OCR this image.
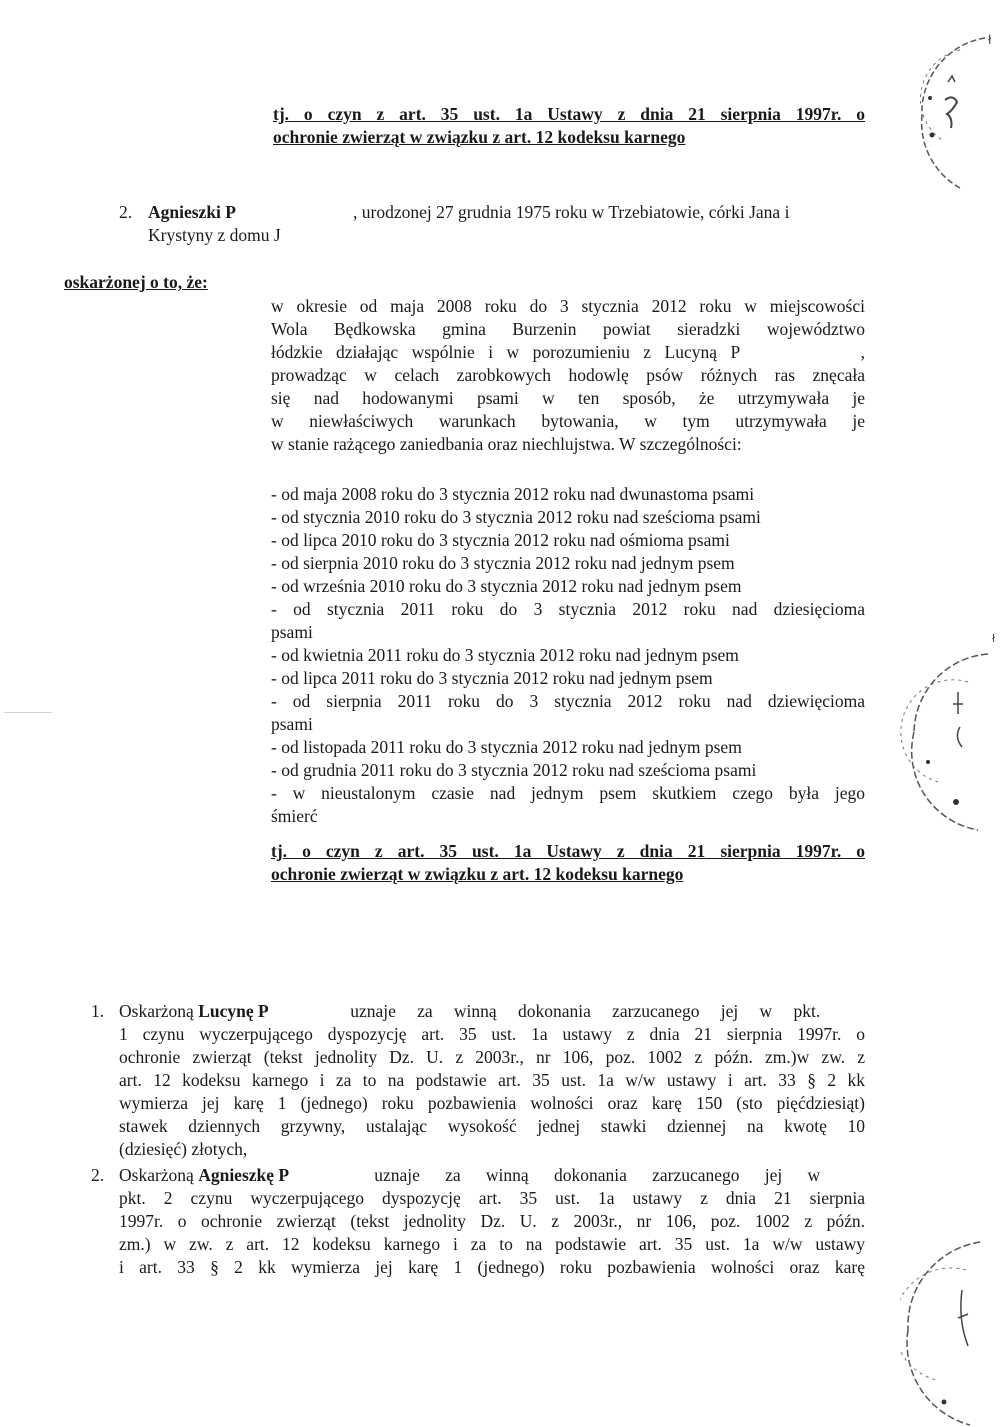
tj. o czyn z art. 35 ust. 1a Ustawy z dnia 21 sierpnia 1997r. o
ochronie zwierząt w związku z art. 12 kodeksu karnego
2. Agnieszki P	, urodzonej 27 grudnia 1975 roku w Trzebiatowie, córki Jana i
Krystyny z domu J
oskarżonej o to, że:
w okresie od maja 2008 roku do 3 stycznia 2012 roku w miejscowości
Wola Będkowska gmina Burzenin powiat sieradzki województwo
łódzkie działając wspólnie i w porozumieniu z Lucyną P         ,
prowadząc w celach zarobkowych hodowlę psów różnych ras znęcała
się nad hodowanymi psami w ten sposób, że utrzymywała je
w niewłaściwych warunkach bytowania, w tym utrzymywała je
w stanie rażącego zaniedbania oraz niechlujstwa. W szczególności:
- od maja 2008 roku do 3 stycznia 2012 roku nad dwunastoma psami
- od stycznia 2010 roku do 3 stycznia 2012 roku nad sześcioma psami
- od lipca 2010 roku do 3 stycznia 2012 roku nad ośmioma psami
- od sierpnia 2010 roku do 3 stycznia 2012 roku nad jednym psem
- od września 2010 roku do 3 stycznia 2012 roku nad jednym psem
- od stycznia 2011 roku do 3 stycznia 2012 roku nad dziesięcioma
psami
- od kwietnia 2011 roku do 3 stycznia 2012 roku nad jednym psem
- od lipca 2011 roku do 3 stycznia 2012 roku nad jednym psem
- od sierpnia 2011 roku do 3 stycznia 2012 roku nad dziewięcioma
psami
- od listopada 2011 roku do 3 stycznia 2012 roku nad jednym psem
- od grudnia 2011 roku do 3 stycznia 2012 roku nad sześcioma psami
- w nieustalonym czasie nad jednym psem skutkiem czego była jego
śmierć
tj. o czyn z art. 35 ust. 1a Ustawy z dnia 21 sierpnia 1997r. o
ochronie zwierząt w związku z art. 12 kodeksu karnego
1. Oskarżoną Lucynę P	uznaje za winną dokonania zarzucanego jej w pkt.
1 czynu wyczerpującego dyspozycję art. 35 ust. 1a ustawy z dnia 21 sierpnia 1997r. o
ochronie zwierząt (tekst jednolity Dz. U. z 2003r., nr 106, poz. 1002 z późn. zm.)w zw. z
art. 12 kodeksu karnego i za to na podstawie art. 35 ust. 1a w/w ustawy i art. 33 § 2 kk
wymierza jej karę 1 (jednego) roku pozbawienia wolności oraz karę 150 (sto pięćdziesiąt)
stawek dziennych grzywny, ustalając wysokość jednej stawki dziennej na kwotę 10
(dziesięć) złotych,
2. Oskarżoną Agnieszkę P	uznaje za winną dokonania zarzucanego jej w
pkt. 2 czynu wyczerpującego dyspozycję art. 35 ust. 1a ustawy z dnia 21 sierpnia
1997r. o ochronie zwierząt (tekst jednolity Dz. U. z 2003r., nr 106, poz. 1002 z późn.
zm.) w zw. z art. 12 kodeksu karnego i za to na podstawie art. 35 ust. 1a w/w ustawy
i art. 33 § 2 kk wymierza jej karę 1 (jednego) roku pozbawienia wolności oraz karę
ł
ł
